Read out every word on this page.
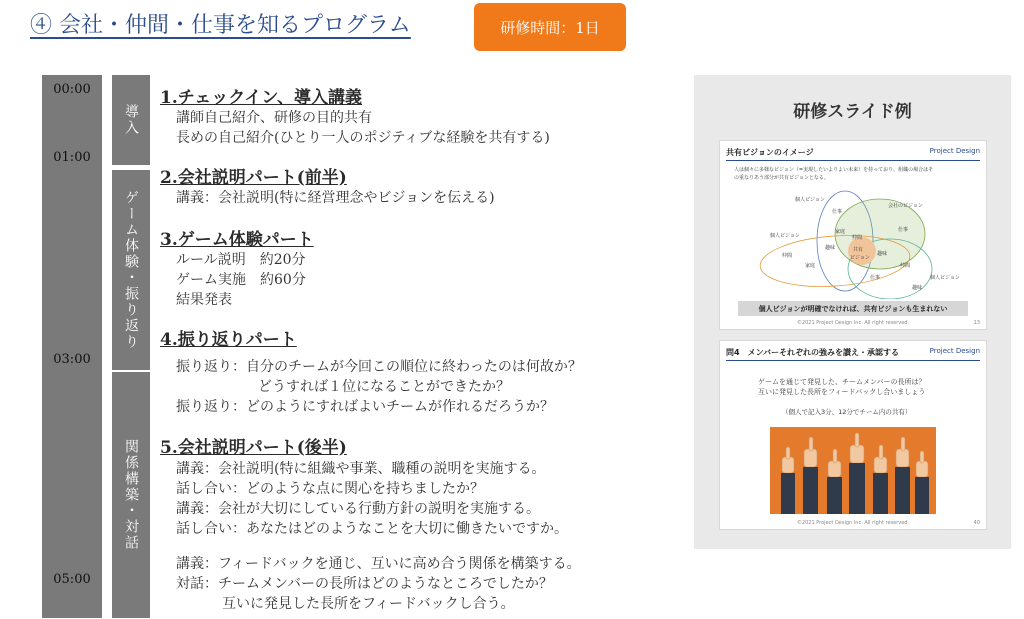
④ 会社・仲間・仕事を知るプログラム	研修時間：1日
00:00
01:00
03:00
05:00
導入
ゲーム体験・振り返り
関係構築・対話
1.チェックイン、導入講義
講師自己紹介、研修の目的共有
長めの自己紹介(ひとり一人のポジティブな経験を共有する)
2.会社説明パート(前半)
講義：会社説明(特に経営理念やビジョンを伝える)
3.ゲーム体験パート
ルール説明　約20分
ゲーム実施　約60分
結果発表
4.振り返りパート
振り返り：自分のチームが今回この順位に終わったのは何故か？
どうすれば１位になることができたか？
振り返り：どのようにすればよいチームが作れるだろうか？
5.会社説明パート(後半)
講義：会社説明(特に組織や事業、職種の説明を実施する。
話し合い：どのような点に関心を持ちましたか？
講義：会社が大切にしている行動方針の説明を実施する。
話し合い：あなたはどのようなことを大切に働きたいですか。
講義：フィードバックを通じ、互いに高め合う関係を構築する。
対話：チームメンバーの長所はどのようなところでしたか？
互いに発見した長所をフィードバックし合う。
研修スライド例
共有ビジョンのイメージ	Project Design
人は個々に多様なビジョン（=実現したいよりよい未来）を持っており、組織の場合はそ
の重なりあう部分が共有ビジョンとなる。
個人ビジョン
仕事
会社のビジョン
家庭
個人ビジョン
趣味
仲間
仕事
共有
ビジョン
仲間
家庭
趣味
仕事
仲間
個人ビジョン
趣味
個人ビジョンが明確でなければ、共有ビジョンも生まれない
©2021 Project Design Inc. All right reserved.	13
問4　メンバーそれぞれの強みを讃え・承認する	Project Design
ゲームを通じて発見した、チームメンバーの長所は？
互いに発見した長所をフィードバックし合いましょう
（個人で記入3分、12分でチーム内の共有）
©2021 Project Design Inc. All right reserved.	40
